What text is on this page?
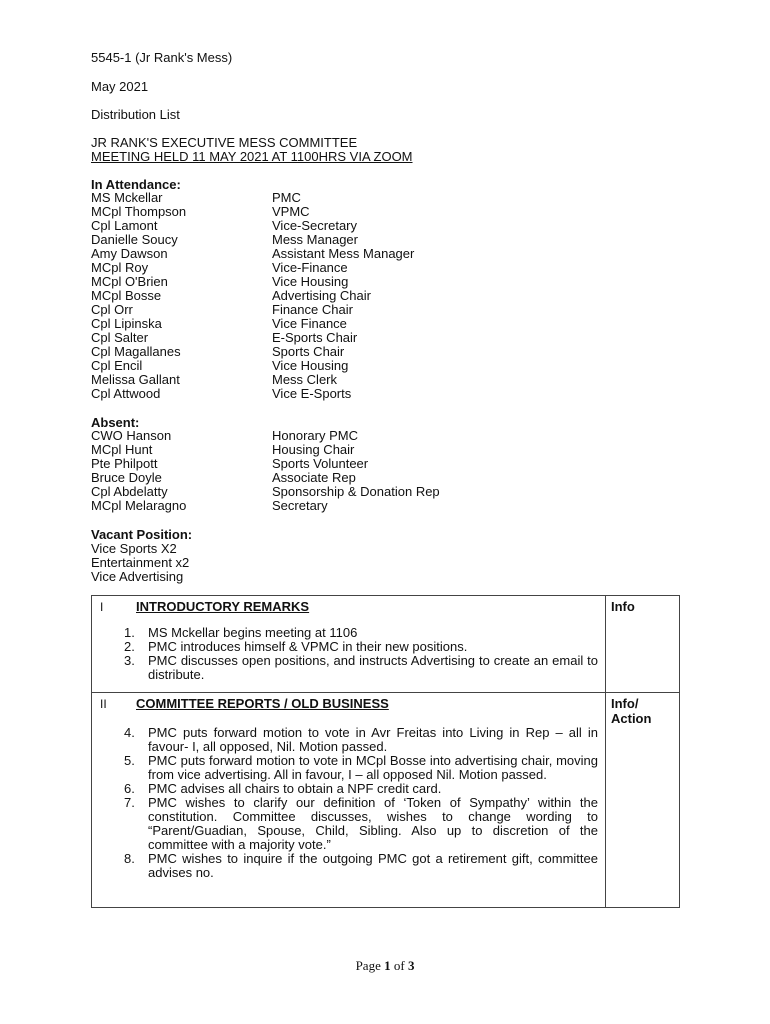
5545-1 (Jr Rank's Mess)
May 2021
Distribution List
JR RANK'S EXECUTIVE MESS COMMITTEE
MEETING HELD 11 MAY 2021 AT 1100HRS VIA ZOOM
In Attendance:
MS Mckellar	PMC
MCpl Thompson	VPMC
Cpl Lamont	Vice-Secretary
Danielle Soucy	Mess Manager
Amy Dawson	Assistant Mess Manager
MCpl Roy	Vice-Finance
MCpl O'Brien	Vice Housing
MCpl Bosse	Advertising Chair
Cpl Orr	Finance Chair
Cpl Lipinska	Vice Finance
Cpl Salter	E-Sports Chair
Cpl Magallanes	Sports Chair
Cpl Encil	Vice Housing
Melissa Gallant	Mess Clerk
Cpl Attwood	Vice E-Sports
Absent:
CWO Hanson	Honorary PMC
MCpl Hunt	Housing Chair
Pte Philpott	Sports Volunteer
Bruce Doyle	Associate Rep
Cpl Abdelatty	Sponsorship & Donation Rep
MCpl Melaragno	Secretary
Vacant Position:
Vice Sports X2
Entertainment x2
Vice Advertising
I	INTRODUCTORY REMARKS	Info
1. MS Mckellar begins meeting at 1106
2. PMC introduces himself & VPMC in their new positions.
3. PMC discusses open positions, and instructs Advertising to create an email to distribute.
II COMMITTEE REPORTS / OLD BUSINESS	Info/ Action
4. PMC puts forward motion to vote in Avr Freitas into Living in Rep – all in favour- I, all opposed, Nil. Motion passed.
5. PMC puts forward motion to vote in MCpl Bosse into advertising chair, moving from vice advertising. All in favour, I – all opposed Nil. Motion passed.
6. PMC advises all chairs to obtain a NPF credit card.
7. PMC wishes to clarify our definition of ‘Token of Sympathy’ within the constitution. Committee discusses, wishes to change wording to “Parent/Guadian, Spouse, Child, Sibling. Also up to discretion of the committee with a majority vote.”
8. PMC wishes to inquire if the outgoing PMC got a retirement gift, committee advises no.
Page 1 of 3
